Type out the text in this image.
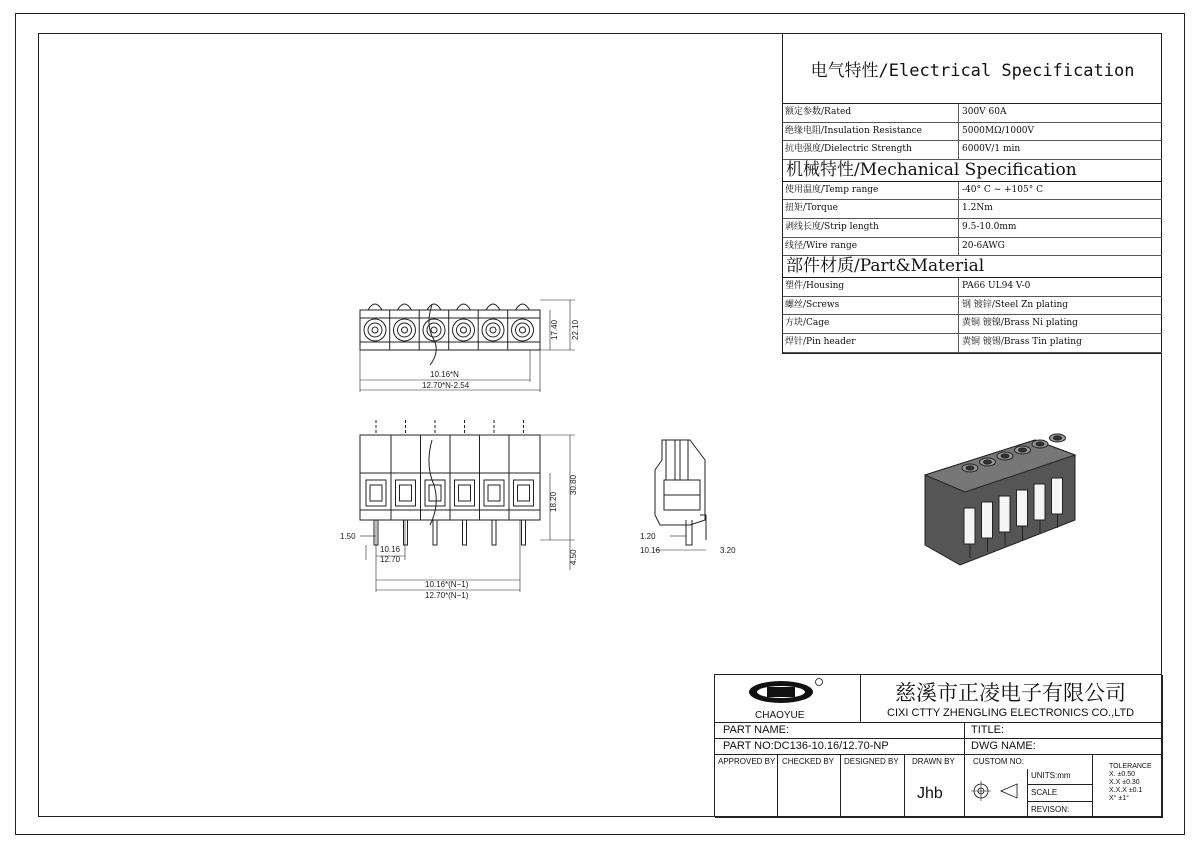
电气特性/Electrical Specification
额定参数/Rated	300V 60A
绝缘电阻/Insulation Resistance	5000MΩ/1000V
抗电强度/Dielectric Strength	6000V/1 min
机械特性/Mechanical Specification
使用温度/Temp range	-40° C ~ +105° C
扭矩/Torque	1.2Nm
剥线长度/Strip length	9.5-10.0mm
线径/Wire range	20-6AWG
部件材质/Part&Material
塑件/Housing	PA66 UL94 V-0
螺丝/Screws	钢 镀锌/Steel Zn plating
方块/Cage	黄铜 镀镍/Brass Ni plating
焊针/Pin header	黄铜 镀锡/Brass Tin plating
10.16*N
12.70*N-2.54
17.40 22.10
30.80
18.20
4.50
1.50
10.16
12.70
10.16*(N−1)
12.70*(N−1)
1.20
10.16	3.20
CHAOYUE
慈溪市正凌电子有限公司
CIXI CTTY ZHENGLING ELECTRONICS CO.,LTD
PART NAME:	TITLE:
PART NO:DC136-10.16/12.70-NP	DWG NAME:
APPROVED BY CHECKED BY DESIGNED BY DRAWN BY
Jhb
CUSTOM NO:
UNITS:mm
SCALE
REVISON:
TOLERANCE
X. ±0.50
X.X ±0.30
X.X.X ±0.1
X° ±1°
